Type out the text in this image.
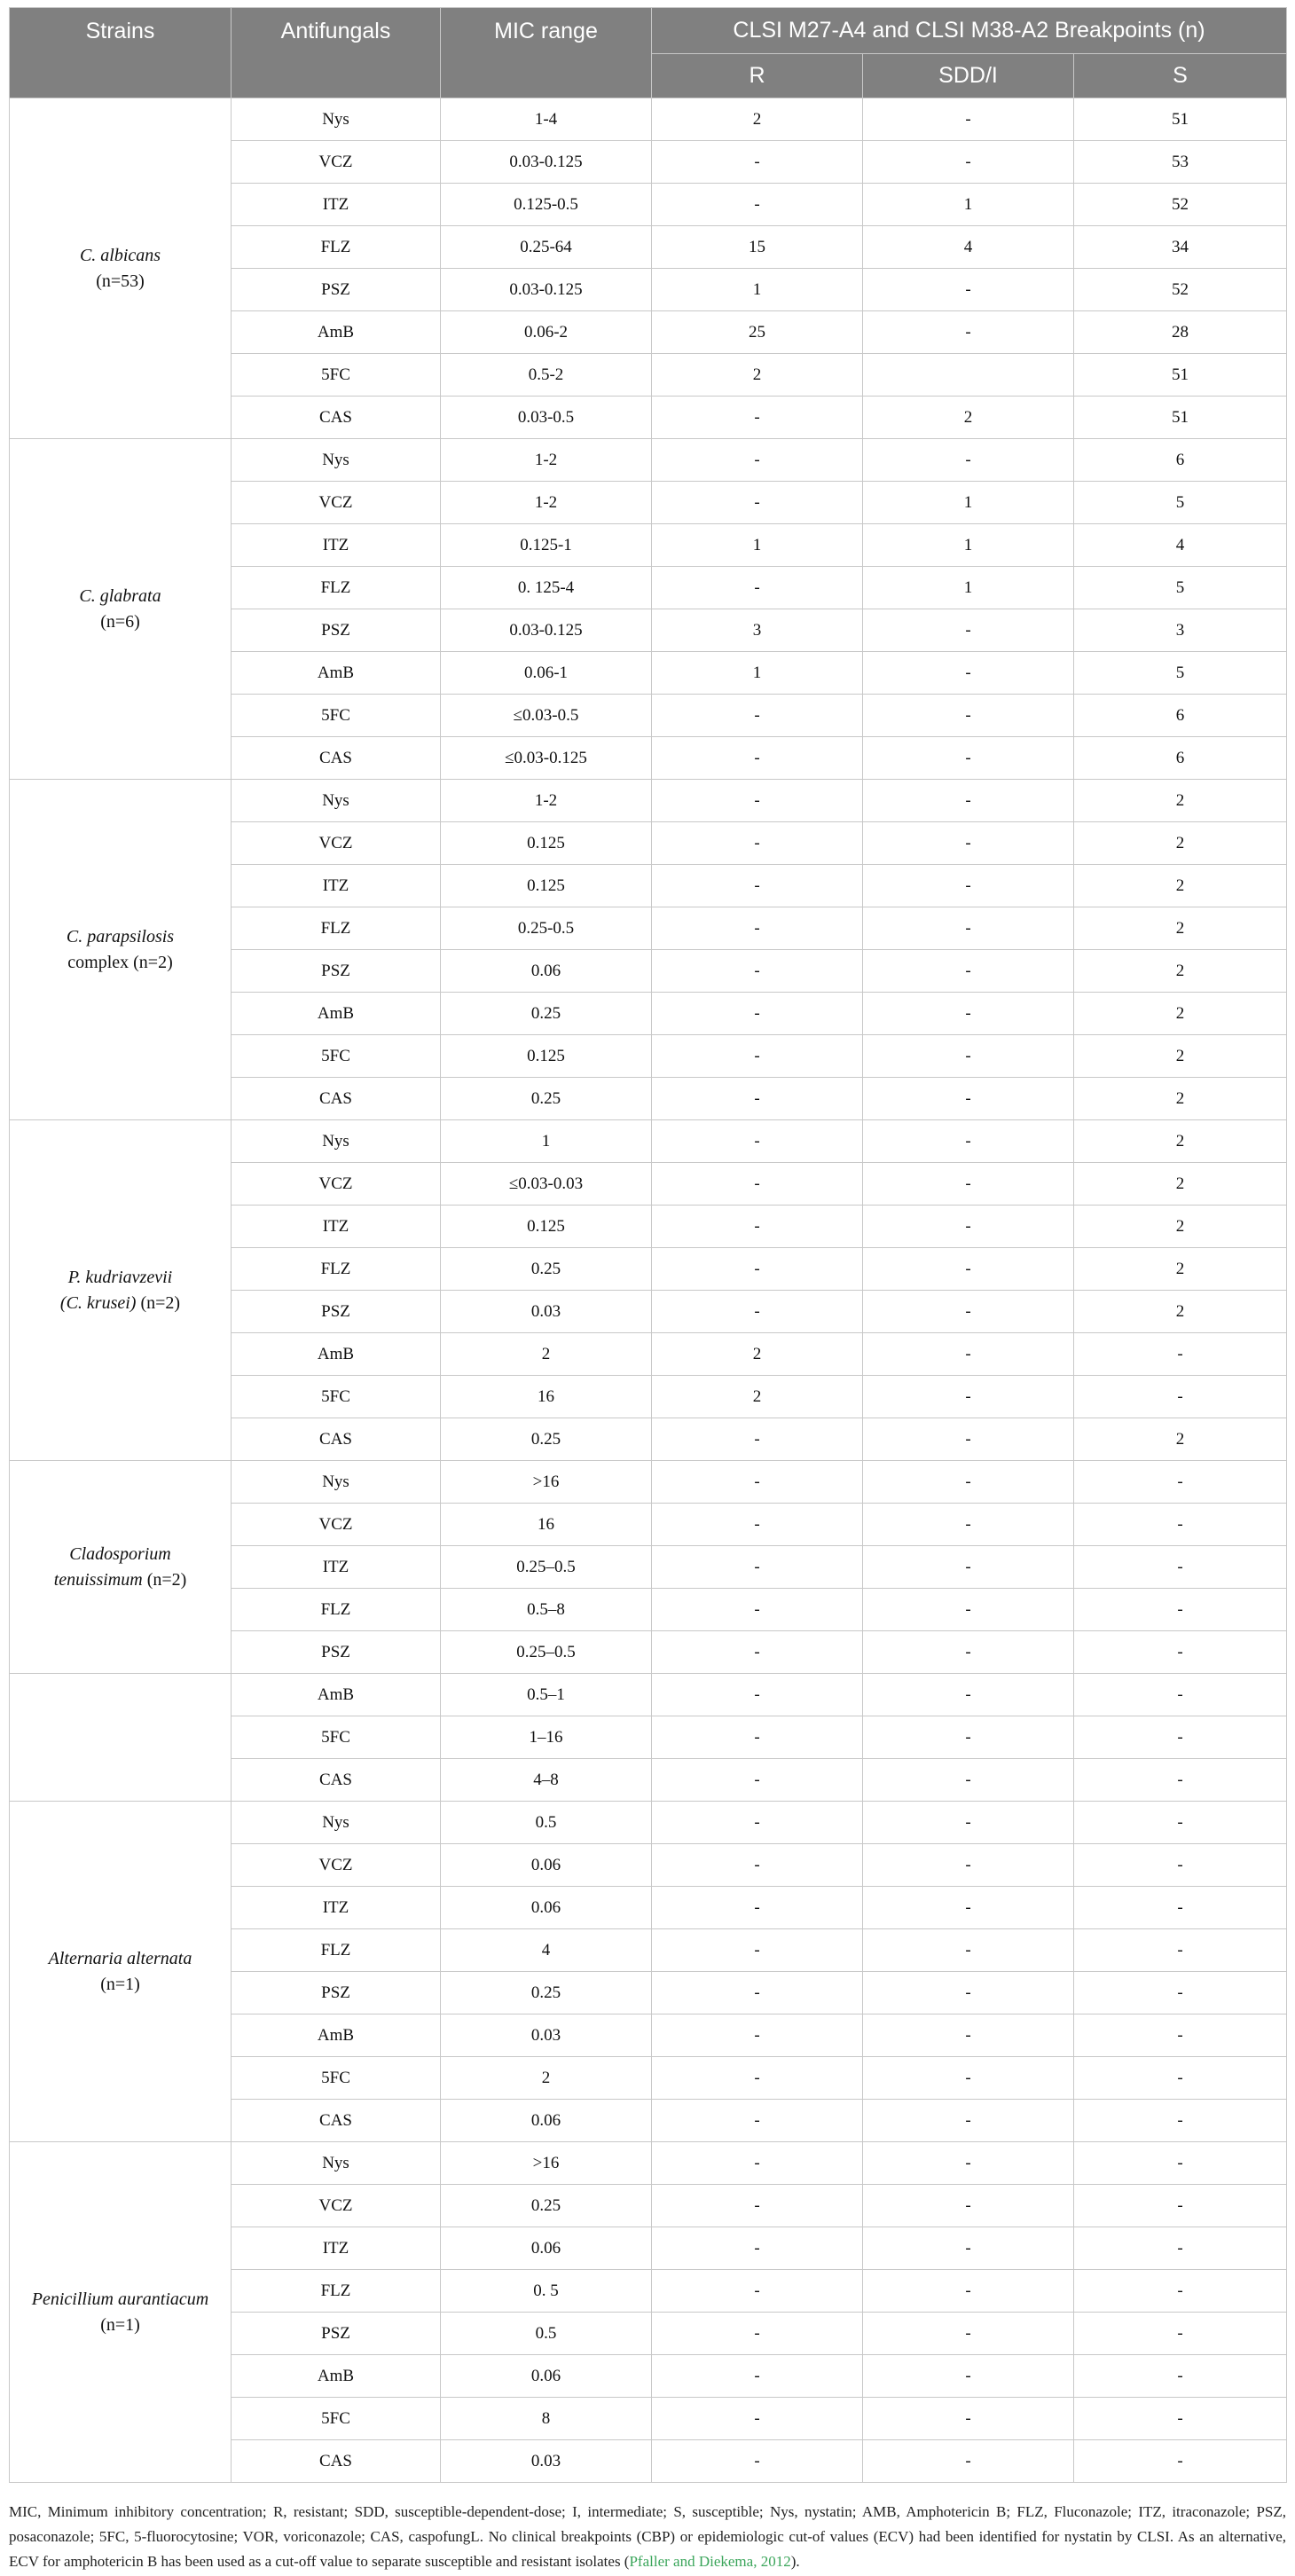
Strains	Antifungals	MIC range	CLSI M27-A4 and CLSI M38-A2 Breakpoints (n)		
			R	SDD/I	S
C. albicans
(n=53)	Nys	1-4	2	-	51
	VCZ	0.03-0.125	-	-	53
	ITZ	0.125-0.5	-	1	52
	FLZ	0.25-64	15	4	34
	PSZ	0.03-0.125	1	-	52
	AmB	0.06-2	25	-	28
	5FC	0.5-2	2		51
	CAS	0.03-0.5	-	2	51
C. glabrata
(n=6)	Nys	1-2	-	-	6
	VCZ	1-2	-	1	5
	ITZ	0.125-1	1	1	4
	FLZ	0. 125-4	-	1	5
	PSZ	0.03-0.125	3	-	3
	AmB	0.06-1	1	-	5
	5FC	≤0.03-0.5	-	-	6
	CAS	≤0.03-0.125	-	-	6
C. parapsilosis
complex (n=2)	Nys	1-2	-	-	2
	VCZ	0.125	-	-	2
	ITZ	0.125	-	-	2
	FLZ	0.25-0.5	-	-	2
	PSZ	0.06	-	-	2
	AmB	0.25	-	-	2
	5FC	0.125	-	-	2
	CAS	0.25	-	-	2
P. kudriavzevii
(C. krusei) (n=2)	Nys	1	-	-	2
	VCZ	≤0.03-0.03	-	-	2
	ITZ	0.125	-	-	2
	FLZ	0.25	-	-	2
	PSZ	0.03	-	-	2
	AmB	2	2	-	-
	5FC	16	2	-	-
	CAS	0.25	-	-	2
Cladosporium
tenuissimum (n=2)	Nys	>16	-	-	-
	VCZ	16	-	-	-
	ITZ	0.25–0.5	-	-	-
	FLZ	0.5–8	-	-	-
	PSZ	0.25–0.5	-	-	-
	AmB	0.5–1	-	-	-
	5FC	1–16	-	-	-
	CAS	4–8	-	-	-
Alternaria alternata
(n=1)	Nys	0.5	-	-	-
	VCZ	0.06	-	-	-
	ITZ	0.06	-	-	-
	FLZ	4	-	-	-
	PSZ	0.25	-	-	-
	AmB	0.03	-	-	-
	5FC	2	-	-	-
	CAS	0.06	-	-	-
Penicillium aurantiacum
(n=1)	Nys	>16	-	-	-
	VCZ	0.25	-	-	-
	ITZ	0.06	-	-	-
	FLZ	0. 5	-	-	-
	PSZ	0.5	-	-	-
	AmB	0.06	-	-	-
	5FC	8	-	-	-
	CAS	0.03	-	-	-
MIC, Minimum inhibitory concentration; R, resistant; SDD, susceptible-dependent-dose; I, intermediate; S, susceptible; Nys, nystatin; AMB, Amphotericin B; FLZ, Fluconazole; ITZ, itraconazole; PSZ, posaconazole; 5FC, 5-fluorocytosine; VOR, voriconazole; CAS, caspofungL. No clinical breakpoints (CBP) or epidemiologic cut-of values (ECV) had been identified for nystatin by CLSI. As an alternative, ECV for amphotericin B has been used as a cut-off value to separate susceptible and resistant isolates (Pfaller and Diekema, 2012).
